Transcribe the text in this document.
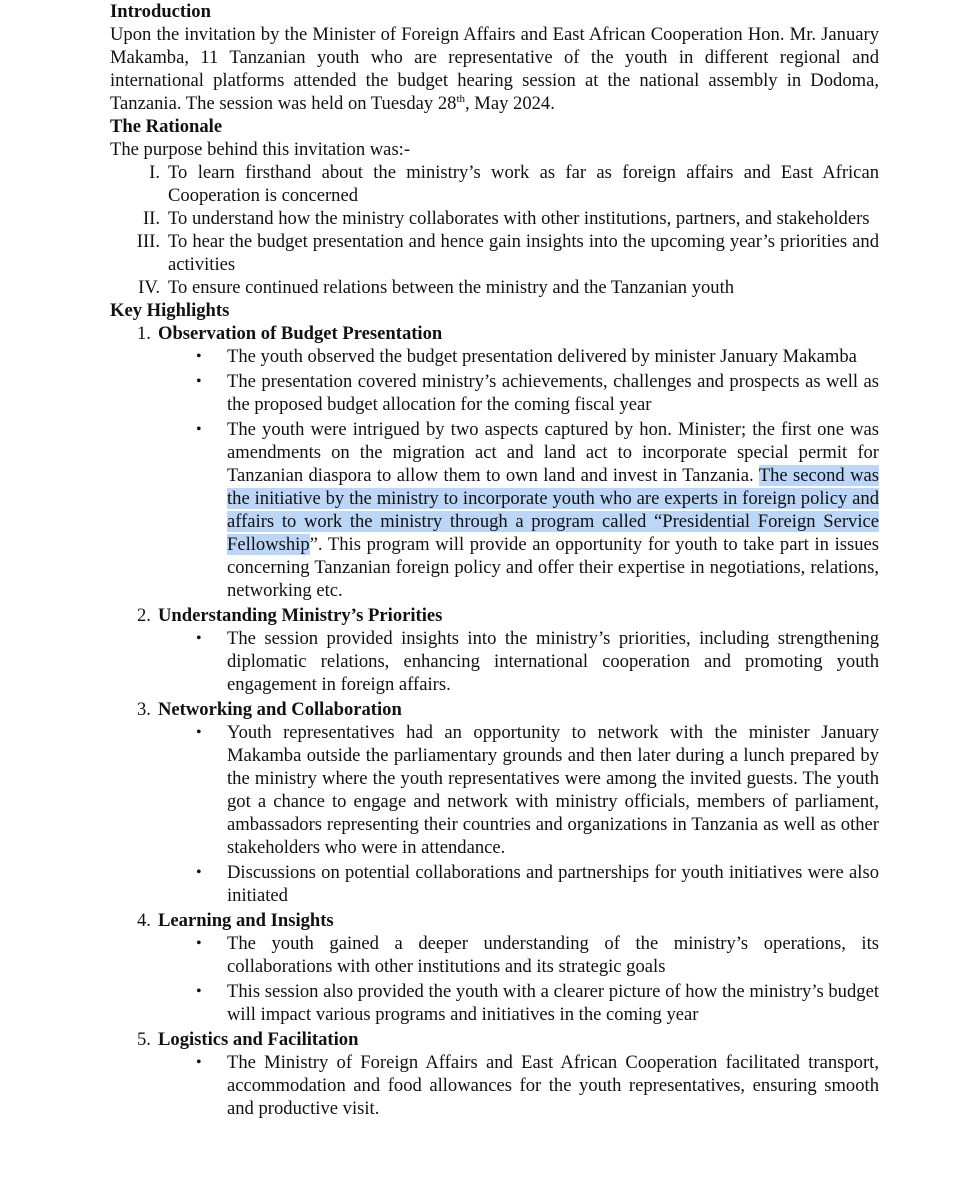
Introduction

Upon the invitation by the Minister of Foreign Affairs and East African Cooperation Hon. Mr. January Makamba, 11 Tanzanian youth who are representative of the youth in different regional and international platforms attended the budget hearing session at the national assembly in Dodoma, Tanzania. The session was held on Tuesday 28th, May 2024.

The Rationale

The purpose behind this invitation was:-

I. To learn firsthand about the ministry’s work as far as foreign affairs and East African Cooperation is concerned
II. To understand how the ministry collaborates with other institutions, partners, and stakeholders
III. To hear the budget presentation and hence gain insights into the upcoming year’s priorities and activities
IV. To ensure continued relations between the ministry and the Tanzanian youth

Key Highlights

1. Observation of Budget Presentation

• The youth observed the budget presentation delivered by minister January Makamba
• The presentation covered ministry’s achievements, challenges and prospects as well as the proposed budget allocation for the coming fiscal year
• The youth were intrigued by two aspects captured by hon. Minister; the first one was amendments on the migration act and land act to incorporate special permit for Tanzanian diaspora to allow them to own land and invest in Tanzania. The second was the initiative by the ministry to incorporate youth who are experts in foreign policy and affairs to work the ministry through a program called “Presidential Foreign Service Fellowship”. This program will provide an opportunity for youth to take part in issues concerning Tanzanian foreign policy and offer their expertise in negotiations, relations, networking etc.

2. Understanding Ministry’s Priorities

• The session provided insights into the ministry’s priorities, including strengthening diplomatic relations, enhancing international cooperation and promoting youth engagement in foreign affairs.

3. Networking and Collaboration

• Youth representatives had an opportunity to network with the minister January Makamba outside the parliamentary grounds and then later during a lunch prepared by the ministry where the youth representatives were among the invited guests. The youth got a chance to engage and network with ministry officials, members of parliament, ambassadors representing their countries and organizations in Tanzania as well as other stakeholders who were in attendance.
• Discussions on potential collaborations and partnerships for youth initiatives were also initiated

4. Learning and Insights

• The youth gained a deeper understanding of the ministry’s operations, its collaborations with other institutions and its strategic goals
• This session also provided the youth with a clearer picture of how the ministry’s budget will impact various programs and initiatives in the coming year

5. Logistics and Facilitation

• The Ministry of Foreign Affairs and East African Cooperation facilitated transport, accommodation and food allowances for the youth representatives, ensuring smooth and productive visit.
